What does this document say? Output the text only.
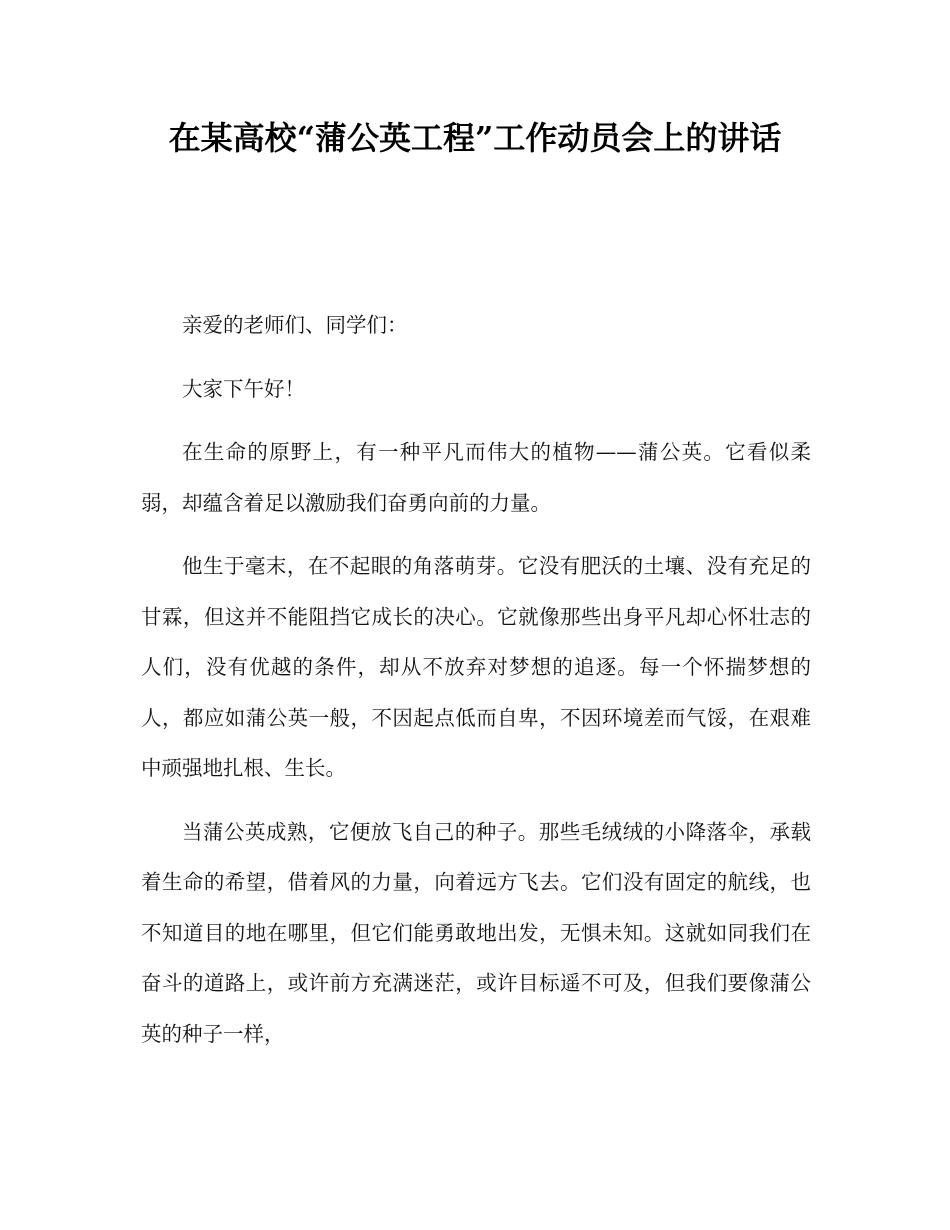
在某高校“蒲公英工程”工作动员会上的讲话

亲爱的老师们、同学们：

大家下午好！

在生命的原野上，有一种平凡而伟大的植物——蒲公英。它看似柔弱，却蕴含着足以激励我们奋勇向前的力量。

他生于毫末，在不起眼的角落萌芽。它没有肥沃的土壤、没有充足的甘霖，但这并不能阻挡它成长的决心。它就像那些出身平凡却心怀壮志的人们，没有优越的条件，却从不放弃对梦想的追逐。每一个怀揣梦想的人，都应如蒲公英一般，不因起点低而自卑，不因环境差而气馁，在艰难中顽强地扎根、生长。

当蒲公英成熟，它便放飞自己的种子。那些毛绒绒的小降落伞，承载着生命的希望，借着风的力量，向着远方飞去。它们没有固定的航线，也不知道目的地在哪里，但它们能勇敢地出发，无惧未知。这就如同我们在奋斗的道路上，或许前方充满迷茫，或许目标遥不可及，但我们要像蒲公英的种子一样，
